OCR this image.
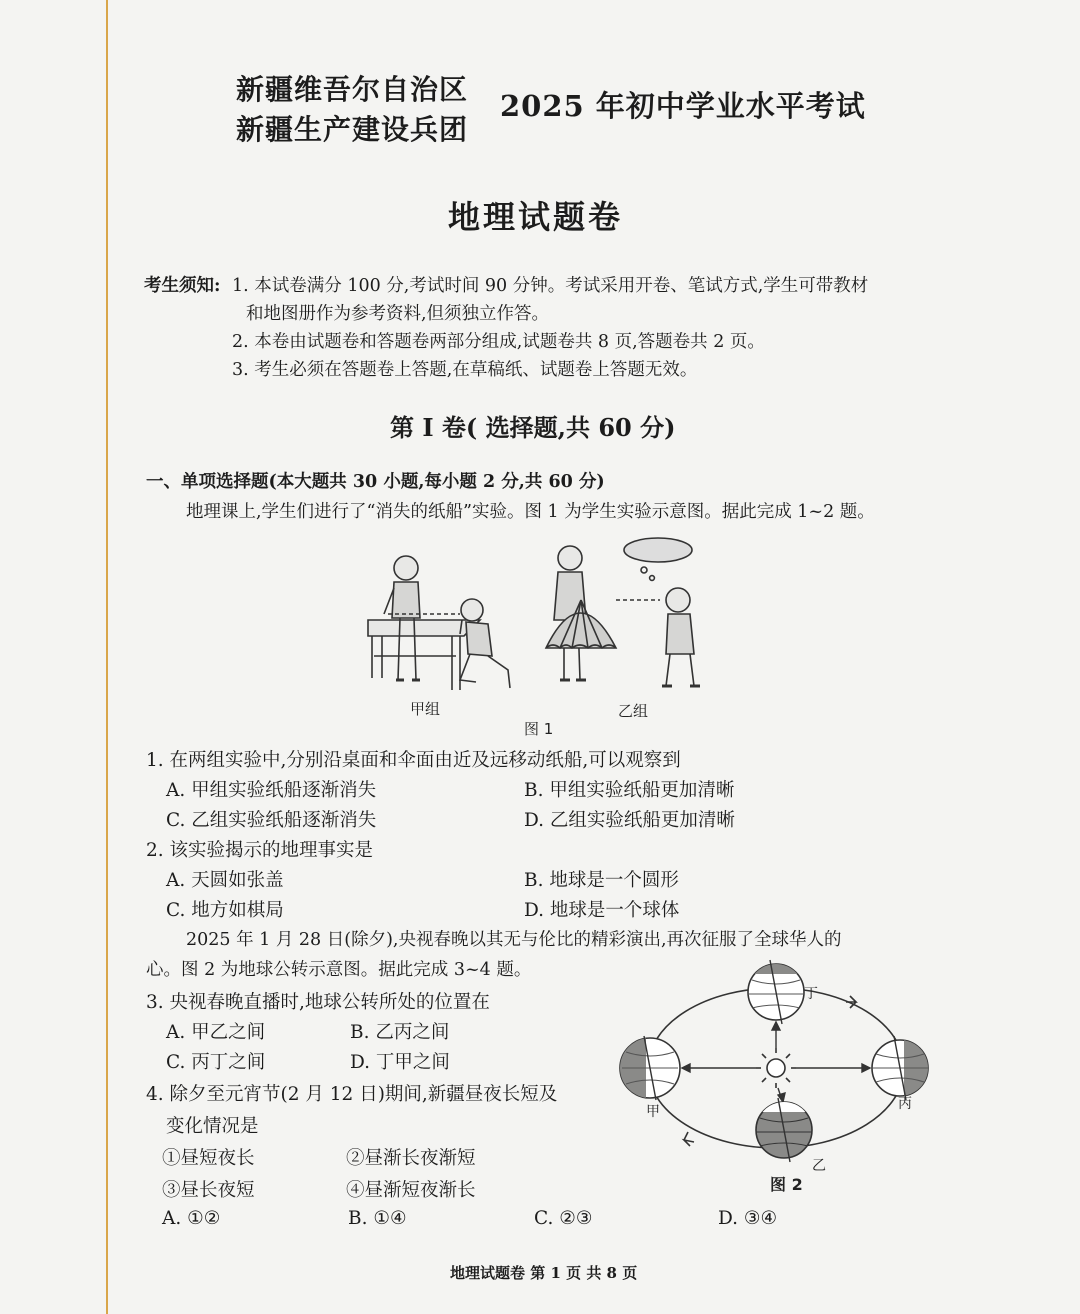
新疆维吾尔自治区
新疆生产建设兵团
2025 年初中学业水平考试
地理试题卷
考生须知: 1. 本试卷满分 100 分,考试时间 90 分钟。考试采用开卷、笔试方式,学生可带教材
和地图册作为参考资料,但须独立作答。
2. 本卷由试题卷和答题卷两部分组成,试题卷共 8 页,答题卷共 2 页。
3. 考生必须在答题卷上答题,在草稿纸、试题卷上答题无效。
第 I 卷( 选择题,共 60 分)
一、单项选择题(本大题共 30 小题,每小题 2 分,共 60 分)
地理课上,学生们进行了“消失的纸船”实验。图 1 为学生实验示意图。据此完成 1~2 题。
甲组	乙组
图 1
1. 在两组实验中,分别沿桌面和伞面由近及远移动纸船,可以观察到
A. 甲组实验纸船逐渐消失	B. 甲组实验纸船更加清晰
C. 乙组实验纸船逐渐消失	D. 乙组实验纸船更加清晰
2. 该实验揭示的地理事实是
A. 天圆如张盖	B. 地球是一个圆形
C. 地方如棋局	D. 地球是一个球体
2025 年 1 月 28 日(除夕),央视春晚以其无与伦比的精彩演出,再次征服了全球华人的
心。图 2 为地球公转示意图。据此完成 3~4 题。
3. 央视春晚直播时,地球公转所处的位置在
A. 甲乙之间	B. 乙丙之间
C. 丙丁之间	D. 丁甲之间
4. 除夕至元宵节(2 月 12 日)期间,新疆昼夜长短及
变化情况是
①昼短夜长	②昼渐长夜渐短
③昼长夜短	④昼渐短夜渐长
A. ①②	B. ①④	C. ②③	D. ③④
甲
乙
丙
丁
图 2
地理试题卷 第 1 页 共 8 页
